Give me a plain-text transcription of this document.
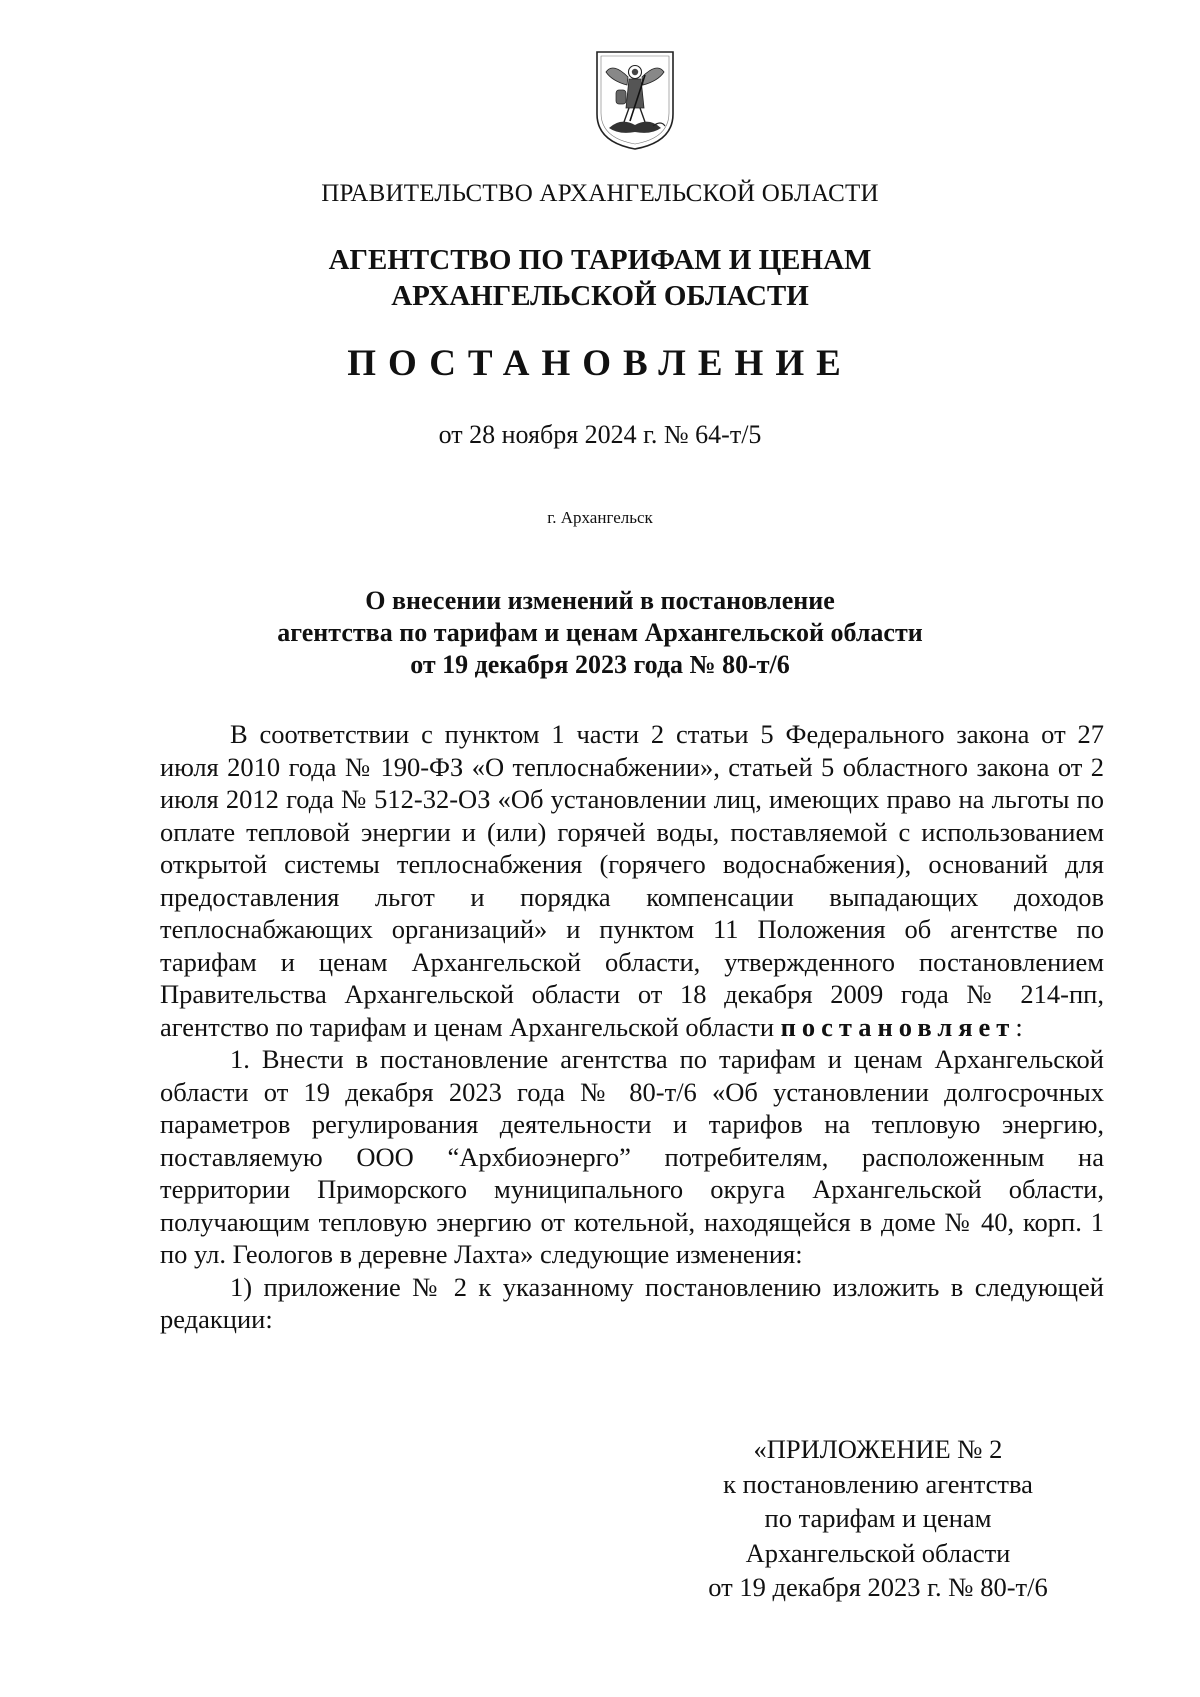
ПРАВИТЕЛЬСТВО АРХАНГЕЛЬСКОЙ ОБЛАСТИ
АГЕНТСТВО ПО ТАРИФАМ И ЦЕНАМ
АРХАНГЕЛЬСКОЙ ОБЛАСТИ
ПОСТАНОВЛЕНИЕ
от 28 ноября 2024 г. № 64-т/5
г. Архангельск
О внесении изменений в постановление
агентства по тарифам и ценам Архангельской области
от 19 декабря 2023 года № 80-т/6

В соответствии с пунктом 1 части 2 статьи 5 Федерального закона от 27 июля 2010 года № 190-ФЗ «О теплоснабжении», статьей 5 областного закона от 2 июля 2012 года № 512-32-ОЗ «Об установлении лиц, имеющих право на льготы по оплате тепловой энергии и (или) горячей воды, поставляемой с использованием открытой системы теплоснабжения (горячего водоснабжения), оснований для предоставления льгот и порядка компенсации выпадающих доходов теплоснабжающих организаций» и пунктом 11 Положения об агентстве по тарифам и ценам Архангельской области, утвержденного постановлением Правительства Архангельской области от 18 декабря 2009 года № 214-пп, агентство по тарифам и ценам Архангельской области постановляет:

1. Внести в постановление агентства по тарифам и ценам Архангельской области от 19 декабря 2023 года № 80-т/6 «Об установлении долгосрочных параметров регулирования деятельности и тарифов на тепловую энергию, поставляемую ООО “Архбиоэнерго” потребителям, расположенным на территории Приморского муниципального округа Архангельской области, получающим тепловую энергию от котельной, находящейся в доме № 40, корп. 1 по ул. Геологов в деревне Лахта» следующие изменения:

1) приложение № 2 к указанному постановлению изложить в следующей редакции:

«ПРИЛОЖЕНИЕ № 2
к постановлению агентства
по тарифам и ценам
Архангельской области
от 19 декабря 2023 г. № 80-т/6
